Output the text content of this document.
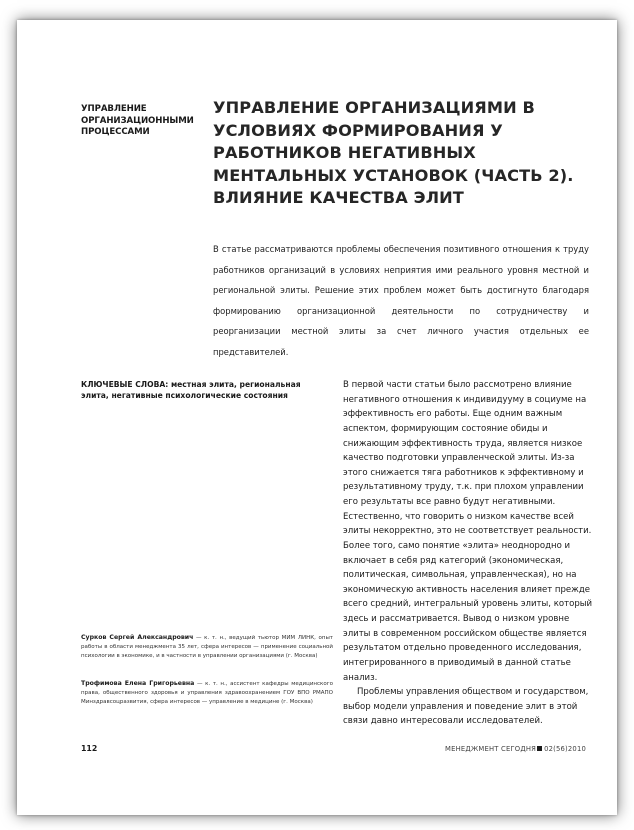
УПРАВЛЕНИЕ ОРГАНИЗАЦИОННЫМИ ПРОЦЕССАМИ
УПРАВЛЕНИЕ ОРГАНИЗАЦИЯМИ В УСЛОВИЯХ ФОРМИРОВАНИЯ У РАБОТНИКОВ НЕГАТИВНЫХ МЕНТАЛЬНЫХ УСТАНОВОК (ЧАСТЬ 2). ВЛИЯНИЕ КАЧЕСТВА ЭЛИТ
В статье рассматриваются проблемы обеспечения позитивного отношения к труду работников организаций в условиях неприятия ими реального уровня местной и региональной элиты. Решение этих проблем может быть достигнуто благодаря формированию организационной деятельности по сотрудничеству и реорганизации местной элиты за счет личного участия отдельных ее представителей.
КЛЮЧЕВЫЕ СЛОВА: местная элита, региональная элита, негативные психологические состояния

В первой части статьи было рассмотрено влияние негативного отношения к индивидууму в социуме на эффективность его работы. Еще одним важным аспектом, формирующим состояние обиды и снижающим эффективность труда, является низкое качество подготовки управленческой элиты. Из-за этого снижается тяга работников к эффективному и результативному труду, т.к. при плохом управлении его результаты все равно будут негативными. Естественно, что говорить о низком качестве всей элиты некорректно, это не соответствует реальности. Более того, само понятие «элита» неоднородно и включает в себя ряд категорий (экономическая, политическая, символьная, управленческая), но на экономическую активность населения влияет прежде всего средний, интегральный уровень элиты, который здесь и рассматривается. Вывод о низком уровне элиты в современном российском обществе является результатом отдельно проведенного исследования, интегрированного в приводимый в данной статье анализ.

Проблемы управления обществом и государством, выбор модели управления и поведение элит в этой связи давно интересовали исследователей.

Сурков Сергей Александрович — к. т. н., ведущий тьютор МИМ ЛИНК, опыт работы в области менеджмента 35 лет, сфера интересов — применение социальной психологии в экономике, и в частности в управлении организациями (г. Москва)
Трофимова Елена Григорьевна — к. т. н., ассистент кафедры медицинского права, общественного здоровья и управления здравоохранением ГОУ ВПО РМАПО Минздравсоцразвития, сфера интересов — управление в медицине (г. Москва)
112	МЕНЕДЖМЕНТ СЕГОДНЯ 02(56)2010
